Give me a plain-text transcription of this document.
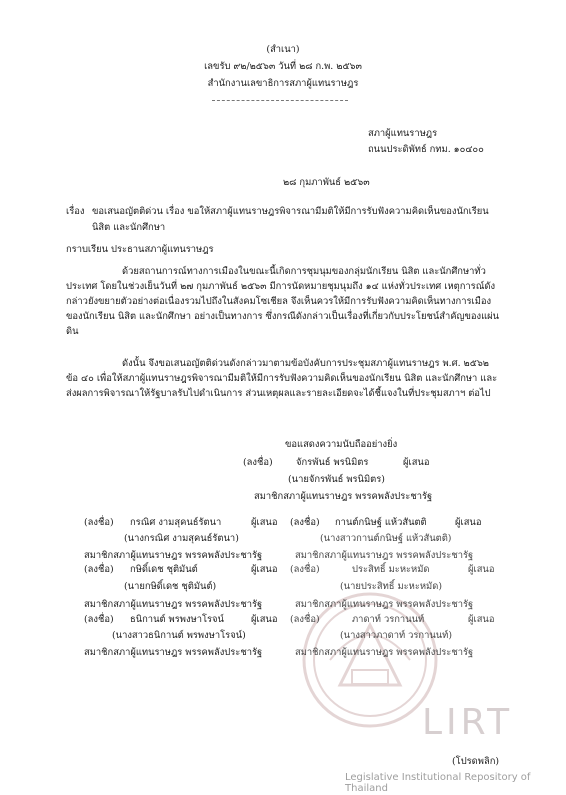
LIRT
Legislative Institutional Repository of Thailand
(สำเนา)
เลขรับ ๙๒/๒๕๖๓ วันที่ ๒๘ ก.พ. ๒๕๖๓
สำนักงานเลขาธิการสภาผู้แทนราษฎร
สภาผู้แทนราษฎร
ถนนประดิพัทธ์ กทม. ๑๐๔๐๐
๒๘ กุมภาพันธ์ ๒๕๖๓
เรื่อง ขอเสนอญัตติด่วน เรื่อง ขอให้สภาผู้แทนราษฎรพิจารณามีมติให้มีการรับฟังความคิดเห็นของนักเรียน
นิสิต และนักศึกษา
กราบเรียน ประธานสภาผู้แทนราษฎร
ด้วยสถานการณ์ทางการเมืองในขณะนี้เกิดการชุมนุมของกลุ่มนักเรียน นิสิต และนักศึกษาทั่วประเทศ โดยในช่วงเย็นวันที่ ๒๗ กุมภาพันธ์ ๒๕๖๓ มีการนัดหมายชุมนุมถึง ๑๔ แห่งทั่วประเทศ เหตุการณ์ดังกล่าวยังขยายตัวอย่างต่อเนื่องรวมไปถึงในสังคมโซเชียล จึงเห็นควรให้มีการรับฟังความคิดเห็นทางการเมืองของนักเรียน นิสิต และนักศึกษา อย่างเป็นทางการ ซึ่งกรณีดังกล่าวเป็นเรื่องที่เกี่ยวกับประโยชน์สำคัญของแผ่นดิน
ดังนั้น จึงขอเสนอญัตติด่วนดังกล่าวมาตามข้อบังคับการประชุมสภาผู้แทนราษฎร พ.ศ. ๒๕๖๒ ข้อ ๔๐ เพื่อให้สภาผู้แทนราษฎรพิจารณามีมติให้มีการรับฟังความคิดเห็นของนักเรียน นิสิต และนักศึกษา และส่งผลการพิจารณาให้รัฐบาลรับไปดำเนินการ ส่วนเหตุผลและรายละเอียดจะได้ชี้แจงในที่ประชุมสภาฯ ต่อไป
ขอแสดงความนับถืออย่างยิ่ง
(ลงชื่อ) จักรพันธ์ พรนิมิตร	ผู้เสนอ
(นายจักรพันธ์ พรนิมิตร)
สมาชิกสภาผู้แทนราษฎร พรรคพลังประชารัฐ
(ลงชื่อ) กรณิศ งามสุคนธ์รัตนา	ผู้เสนอ
(นางกรณิศ งามสุคนธ์รัตนา)
สมาชิกสภาผู้แทนราษฎร พรรคพลังประชารัฐ
(ลงชื่อ) กษิดิ์เดช ชุติมันต์	ผู้เสนอ
(นายกษิดิ์เดช ชุติมันต์)
สมาชิกสภาผู้แทนราษฎร พรรคพลังประชารัฐ
(ลงชื่อ) ธนิกานต์ พรพงษาโรจน์	ผู้เสนอ
(นางสาวธนิกานต์ พรพงษาโรจน์)
สมาชิกสภาผู้แทนราษฎร พรรคพลังประชารัฐ
(ลงชื่อ) กานต์กนิษฐ์ แห้วสันตติ	ผู้เสนอ
(นางสาวกานต์กนิษฐ์ แห้วสันตติ)
สมาชิกสภาผู้แทนราษฎร พรรคพลังประชารัฐ
(ลงชื่อ)	ประสิทธิ์ มะหะหมัด	ผู้เสนอ
(นายประสิทธิ์ มะหะหมัด)
สมาชิกสภาผู้แทนราษฎร พรรคพลังประชารัฐ
(ลงชื่อ)	ภาดาท์ วรกานนท์	ผู้เสนอ
(นางสาวภาดาท์ วรกานนท์)
สมาชิกสภาผู้แทนราษฎร พรรคพลังประชารัฐ
(โปรดพลิก)
